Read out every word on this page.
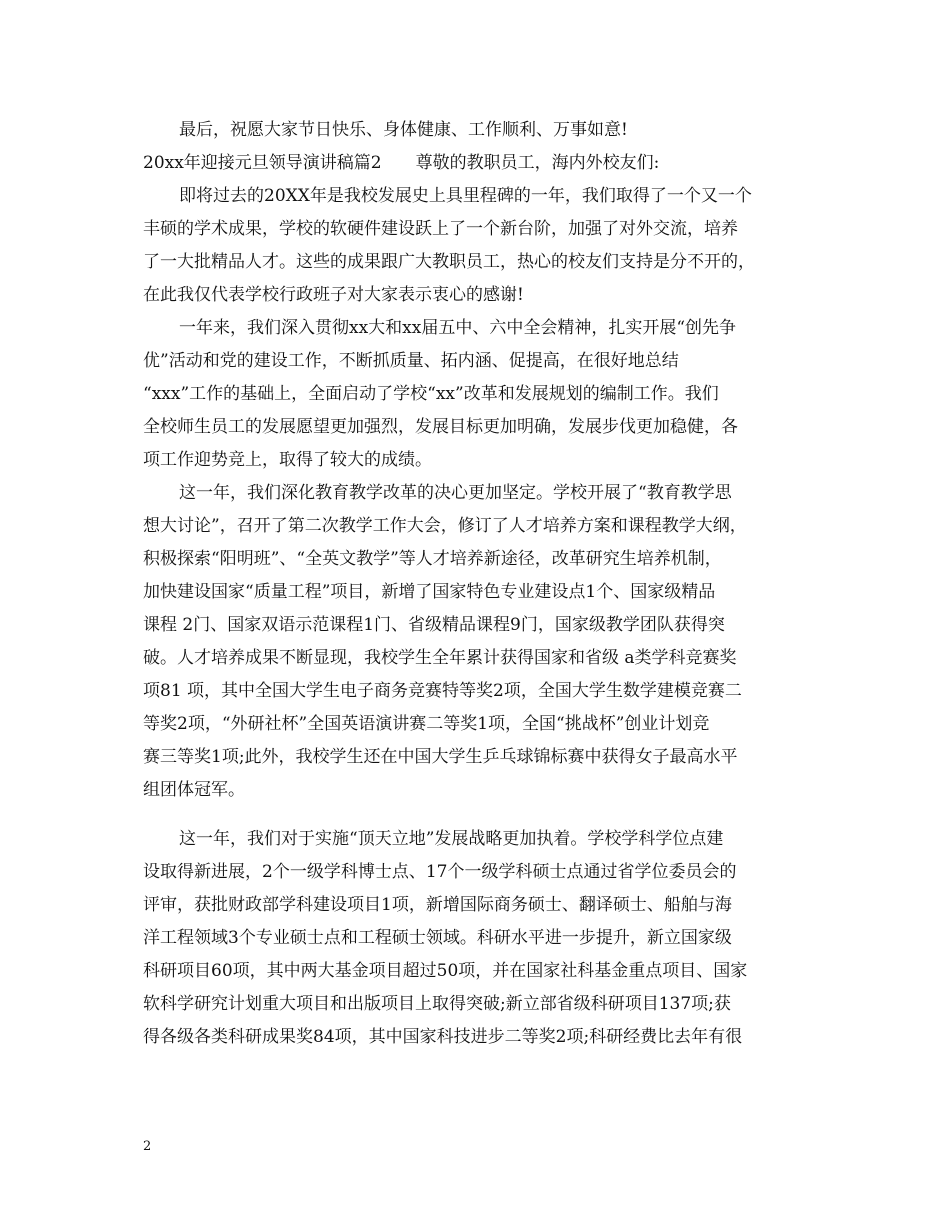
最后，祝愿大家节日快乐、身体健康、工作顺利、万事如意!
20xx年迎接元旦领导演讲稿篇2　　尊敬的教职员工，海内外校友们:
即将过去的20XX年是我校发展史上具里程碑的一年，我们取得了一个又一个
丰硕的学术成果，学校的软硬件建设跃上了一个新台阶，加强了对外交流，培养
了一大批精品人才。这些的成果跟广大教职员工，热心的校友们支持是分不开的，
在此我仅代表学校行政班子对大家表示衷心的感谢!
一年来，我们深入贯彻xx大和xx届五中、六中全会精神，扎实开展“创先争
优”活动和党的建设工作，不断抓质量、拓内涵、促提高，在很好地总结
“xxx”工作的基础上，全面启动了学校“xx”改革和发展规划的编制工作。我们
全校师生员工的发展愿望更加强烈，发展目标更加明确，发展步伐更加稳健，各
项工作迎势竞上，取得了较大的成绩。
这一年，我们深化教育教学改革的决心更加坚定。学校开展了“教育教学思
想大讨论”，召开了第二次教学工作大会，修订了人才培养方案和课程教学大纲，
积极探索“阳明班”、“全英文教学”等人才培养新途径，改革研究生培养机制，
加快建设国家“质量工程”项目，新增了国家特色专业建设点1个、国家级精品
课程 2门、国家双语示范课程1门、省级精品课程9门，国家级教学团队获得突
破。人才培养成果不断显现，我校学生全年累计获得国家和省级 a类学科竞赛奖
项81 项，其中全国大学生电子商务竞赛特等奖2项，全国大学生数学建模竞赛二
等奖2项，“外研社杯”全国英语演讲赛二等奖1项，全国“挑战杯”创业计划竞
赛三等奖1项;此外，我校学生还在中国大学生乒乓球锦标赛中获得女子最高水平
组团体冠军。
这一年，我们对于实施“顶天立地”发展战略更加执着。学校学科学位点建
设取得新进展，2个一级学科博士点、17个一级学科硕士点通过省学位委员会的
评审，获批财政部学科建设项目1项，新增国际商务硕士、翻译硕士、船舶与海
洋工程领域3个专业硕士点和工程硕士领域。科研水平进一步提升，新立国家级
科研项目60项，其中两大基金项目超过50项，并在国家社科基金重点项目、国家
软科学研究计划重大项目和出版项目上取得突破;新立部省级科研项目137项;获
得各级各类科研成果奖84项，其中国家科技进步二等奖2项;科研经费比去年有很
2
